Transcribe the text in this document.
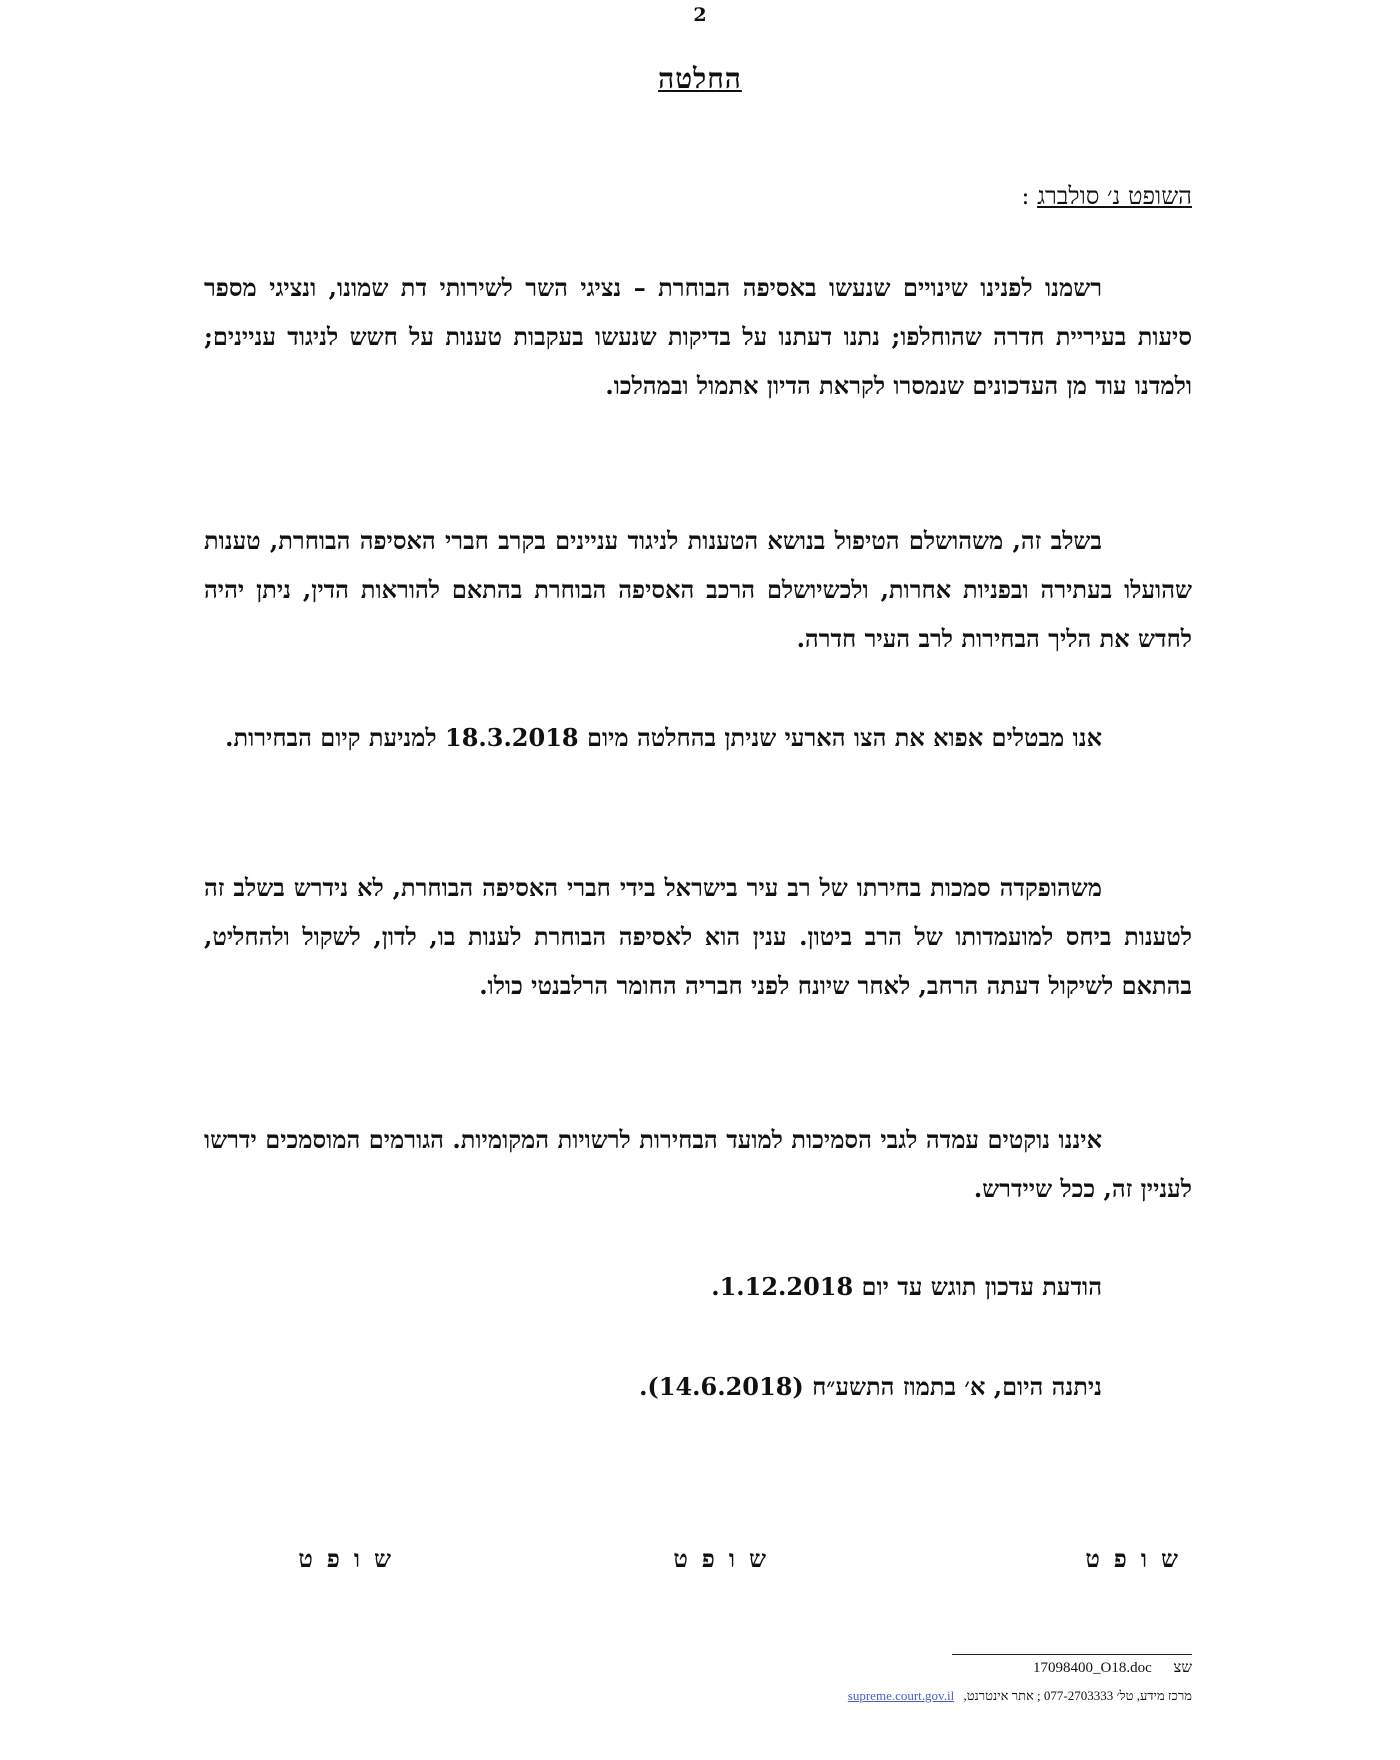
2
החלטה
השופט נ׳ סולברג :

רשמנו לפנינו שינויים שנעשו באסיפה הבוחרת – נציגי השר לשירותי דת שמונו, ונציגי מספר סיעות בעיריית חדרה שהוחלפו; נתנו דעתנו על בדיקות שנעשו בעקבות טענות על חשש לניגוד עניינים; ולמדנו עוד מן העדכונים שנמסרו לקראת הדיון אתמול ובמהלכו.

בשלב זה, משהושלם הטיפול בנושא הטענות לניגוד עניינים בקרב חברי האסיפה הבוחרת, טענות שהועלו בעתירה ובפניות אחרות, ולכשיושלם הרכב האסיפה הבוחרת בהתאם להוראות הדין, ניתן יהיה לחדש את הליך הבחירות לרב העיר חדרה.

אנו מבטלים אפוא את הצו הארעי שניתן בהחלטה מיום 18.3.2018 למניעת קיום הבחירות.

משהופקדה סמכות בחירתו של רב עיר בישראל בידי חברי האסיפה הבוחרת, לא נידרש בשלב זה לטענות ביחס למועמדותו של הרב ביטון. ענין הוא לאסיפה הבוחרת לענות בו, לדון, לשקול ולהחליט, בהתאם לשיקול דעתה הרחב, לאחר שיונח לפני חבריה החומר הרלבנטי כולו.

איננו נוקטים עמדה לגבי הסמיכות למועד הבחירות לרשויות המקומיות. הגורמים המוסמכים ידרשו לעניין זה, ככל שיידרש.

הודעת עדכון תוגש עד יום 1.12.2018.

ניתנה היום, א׳ בתמוז התשע״ח (14.6.2018).

שופט
שופט
שופט
שצ 17098400_O18.doc
מרכז מידע, טל׳ 077-2703333 ; אתר אינטרנט, supreme.court.gov.il
